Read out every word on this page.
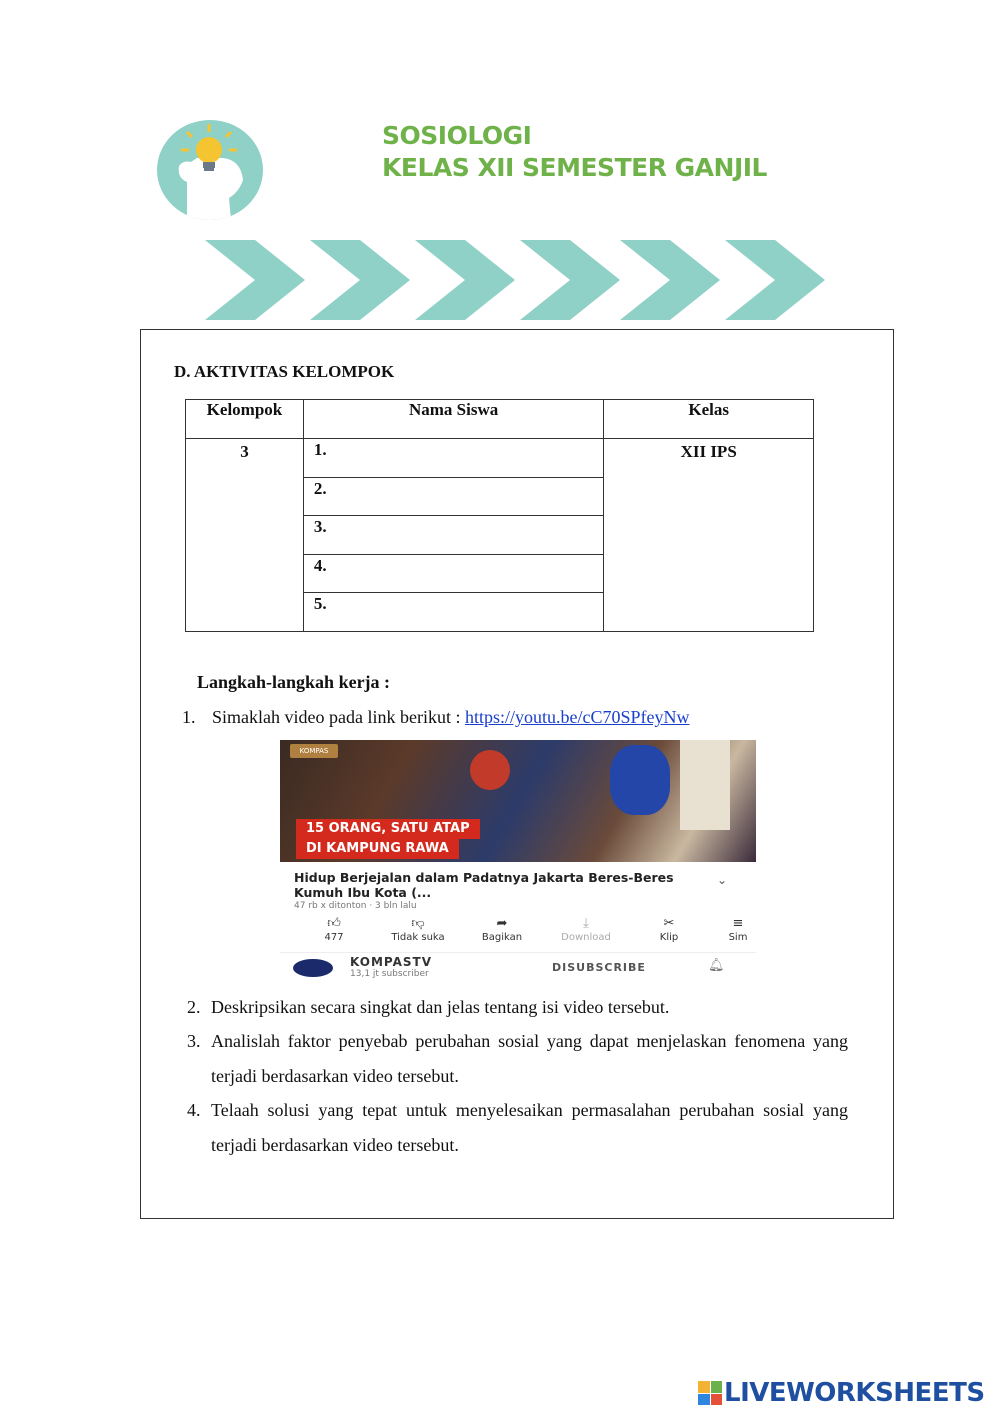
SOSIOLOGI
KELAS XII SEMESTER GANJIL
D. AKTIVITAS KELOMPOK
Kelompok	Nama Siswa	Kelas
3	1.	XII IPS
	2.	
	3.	
	4.	
	5.	
Langkah-langkah kerja :
1. Simaklah video pada link berikut : https://youtu.be/cC70SPfeyNw
KOMPAS
15 ORANG, SATU ATAP
DI KAMPUNG RAWA
Hidup Berjejalan dalam Padatnya Jakarta Beres-Beres Kumuh Ibu Kota (...
⌄
47 rb x ditonton · 3 bln lalu
👍︎
477
👎︎
Tidak suka
➦
Bagikan
⤓
Download
✂
Klip
≡
Sim
KOMPASTV
13,1 jt subscriber	DISUBSCRIBE	🔔︎
2. Deskripsikan secara singkat dan jelas tentang isi video tersebut.
3. Analislah faktor penyebab perubahan sosial yang dapat menjelaskan fenomena yang terjadi berdasarkan video tersebut.
4. Telaah solusi yang tepat untuk menyelesaikan permasalahan perubahan sosial yang terjadi berdasarkan video tersebut.
LIVEWORKSHEETS
